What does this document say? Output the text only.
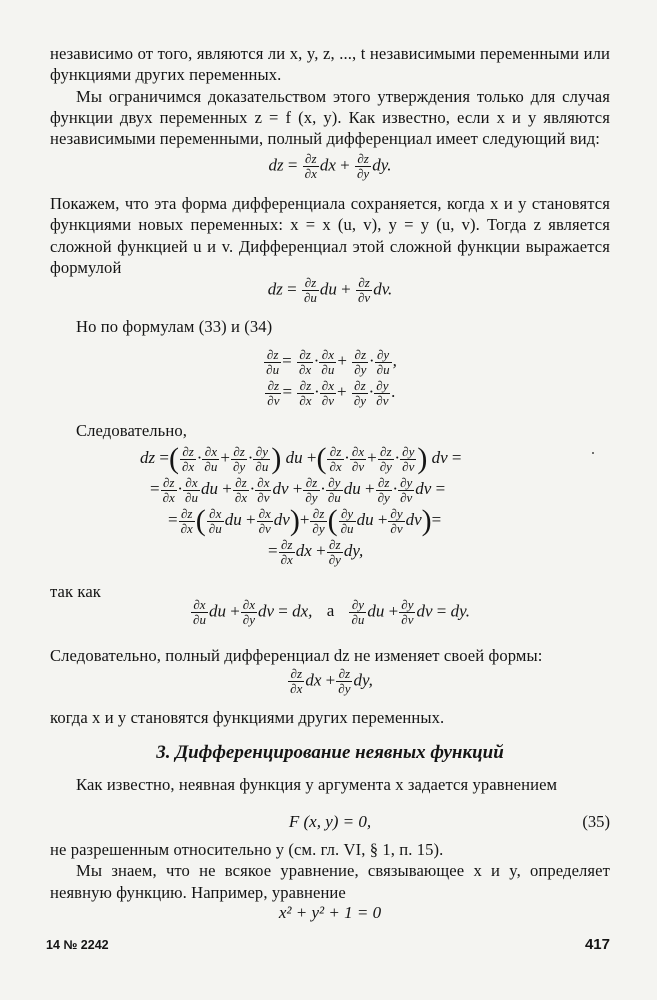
независимо от того, являются ли x, y, z, ..., t независимыми переменными или функциями других переменных.

Мы ограничимся доказательством этого утверждения только для случая функции двух переменных z = f (x, y). Как известно, если x и y являются независимыми переменными, полный дифференциал имеет следующий вид:

dz = $\frac{\partial z}{\partial x}$ dx + $\frac{\partial z}{\partial y}$ dy.

Покажем, что эта форма дифференциала сохраняется, когда x и y становятся функциями новых переменных: x = x (u, v), y = y (u, v). Тогда z является сложной функцией u и v. Дифференциал этой сложной функции выражается формулой

dz = $\frac{\partial z}{\partial u}$ du + $\frac{\partial z}{\partial v}$ dv.

Но по формулам (33) и (34)

$\frac{\partial z}{\partial u} = \frac{\partial z}{\partial x} \cdot \frac{\partial x}{\partial u} + \frac{\partial z}{\partial y} \cdot \frac{\partial y}{\partial u}$ ,
$\frac{\partial z}{\partial v} = \frac{\partial z}{\partial x} \cdot \frac{\partial x}{\partial v} + \frac{\partial z}{\partial y} \cdot \frac{\partial y}{\partial v}$ .

Следовательно,

dz =( $\frac{\partial z}{\partial x} \cdot \frac{\partial x}{\partial u} + \frac{\partial z}{\partial y} \cdot \frac{\partial y}{\partial u}$ ) du +( $\frac{\partial z}{\partial x} \cdot \frac{\partial x}{\partial v} + \frac{\partial z}{\partial y} \cdot \frac{\partial y}{\partial v}$ ) dv =
= $\frac{\partial z}{\partial x} \cdot \frac{\partial x}{\partial u}$ du + $\frac{\partial z}{\partial x} \cdot \frac{\partial x}{\partial v}$ dv + $\frac{\partial z}{\partial y} \cdot \frac{\partial y}{\partial u}$ du + $\frac{\partial z}{\partial y} \cdot \frac{\partial y}{\partial v}$ dv =
= $\frac{\partial z}{\partial x}$ ( $\frac{\partial x}{\partial u}$ du + $\frac{\partial x}{\partial v} dv)+ \frac{\partial z}{\partial y}$ ( $\frac{\partial y}{\partial u}$ du + $\frac{\partial y}{\partial v} dv)=$
= $\frac{\partial z}{\partial x}$ dx + $\frac{\partial z}{\partial y}$ dy,

так как

$\frac{\partial x}{\partial u}$ du + $\frac{\partial x}{\partial y}$ dv = dx, а $\frac{\partial y}{\partial u}$ du + $\frac{\partial y}{\partial v}$ dv = dy.

Следовательно, полный дифференциал dz не изменяет своей формы:

$\frac{\partial z}{\partial x}$ dx + $\frac{\partial z}{\partial y}$ dy,

когда x и y становятся функциями других переменных.

3. Дифференцирование неявных функций

Как известно, неявная функция y аргумента x задается уравнением

F (x, y) = 0,	(35)

не разрешенным относительно y (см. гл. VI, § 1, п. 15).

Мы знаем, что не всякое уравнение, связывающее x и y, определяет неявную функцию. Например, уравнение

x² + y² + 1 = 0
14 № 2242	417
